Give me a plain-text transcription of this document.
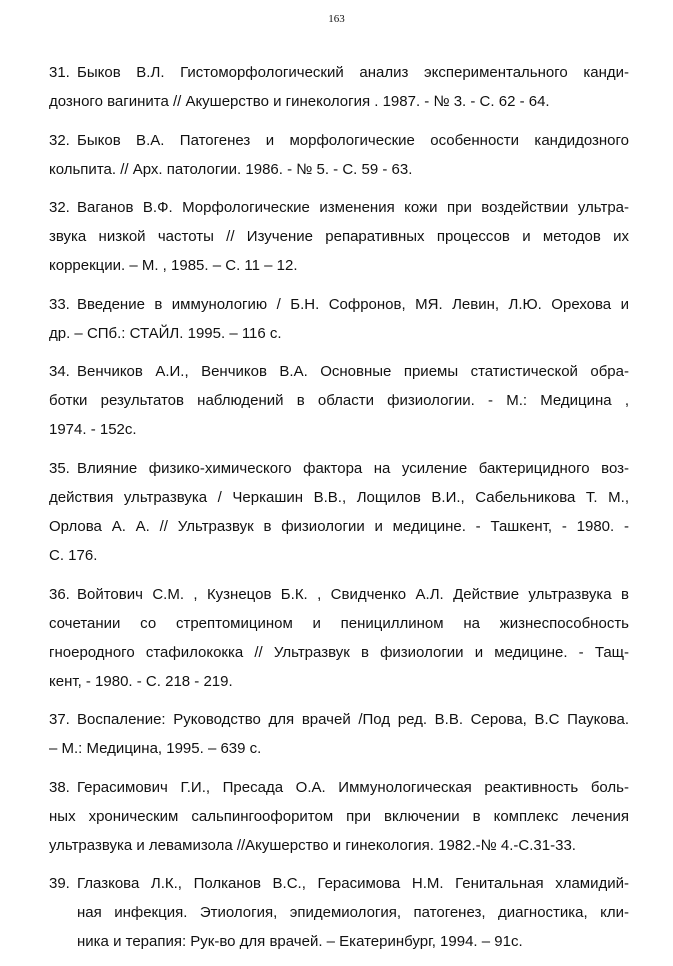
163
31. Быков В.Л. Гистоморфологический анализ экспериментального канди-
дозного вагинита // Акушерство и гинекология . 1987. - № 3. - С. 62 - 64.
32. Быков В.А. Патогенез и морфологические особенности кандидозного
кольпита. // Арх. патологии. 1986. - № 5. - С. 59 - 63.
32. Ваганов В.Ф. Морфологические изменения кожи при воздействии ультра-
звука низкой частоты // Изучение репаративных процессов и методов их
коррекции. – М. , 1985. – С. 11 – 12.
33. Введение в иммунологию / Б.Н. Софронов, МЯ. Левин, Л.Ю. Орехова и
др. – СПб.: СТАЙЛ. 1995. – 116 с.
34. Венчиков А.И., Венчиков В.А. Основные приемы статистической обра-
ботки результатов наблюдений в области физиологии. - М.: Медицина ,
1974. - 152с.
35. Влияние физико-химического фактора на усиление бактерицидного воз-
действия ультразвука / Черкашин В.В., Лощилов В.И., Сабельникова Т. М.,
Орлова А. А. // Ультразвук в физиологии и медицине. - Ташкент, - 1980. -
С. 176.
36. Войтович С.М. , Кузнецов Б.К. , Свидченко А.Л. Действие ультразвука в
сочетании со стрептомицином и пенициллином на жизнеспособность
гноеродного стафилококка // Ультразвук в физиологии и медицине. - Тащ-
кент, - 1980. - С. 218 - 219.
37. Воспаление: Руководство для врачей /Под ред. В.В. Серова, В.С Паукова.
– М.: Медицина, 1995. – 639 с.
38. Герасимович Г.И., Пресада О.А. Иммунологическая реактивность боль-
ных хроническим сальпингоофоритом при включении в комплекс лечения
ультразвука и левамизола //Акушерство и гинекология. 1982.-№ 4.-С.31-33.
39. Глазкова Л.К., Полканов В.С., Герасимова Н.М. Генитальная хламидий-
ная инфекция. Этиология, эпидемиология, патогенез, диагностика, кли-
ника и терапия: Рук-во для врачей. – Екатеринбург, 1994. – 91с.
